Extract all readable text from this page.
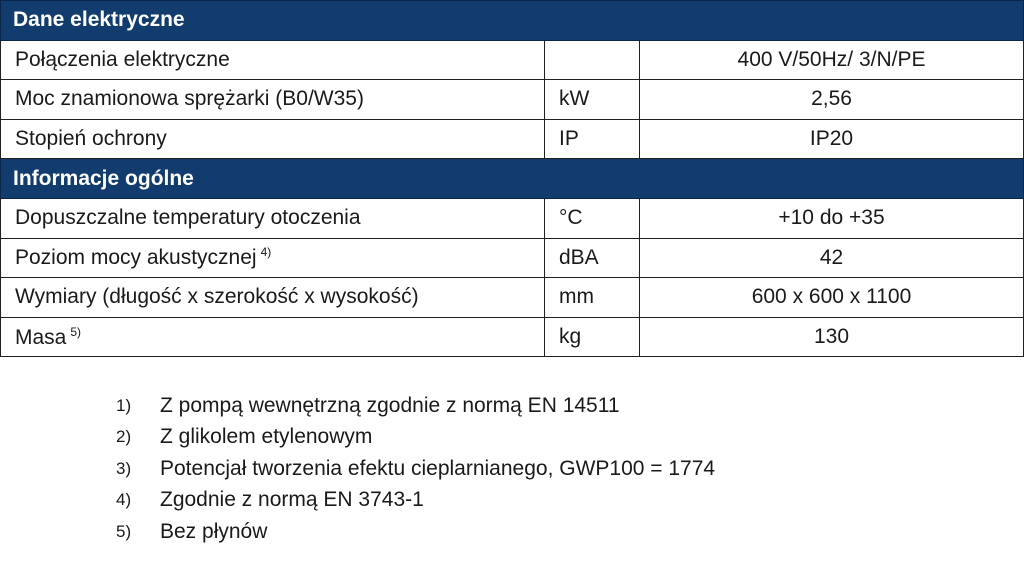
Dane elektryczne		
Połączenia elektryczne		400 V/50Hz/ 3/N/PE
Moc znamionowa sprężarki (B0/W35)	kW	2,56
Stopień ochrony	IP	IP20
Informacje ogólne		
Dopuszczalne temperatury otoczenia	°C	+10 do +35
Poziom mocy akustycznej $^{4)}$	dBA	42
Wymiary (długość x szerokość x wysokość)	mm	600 x 600 x 1100
Masa $^{5)}$	kg	130
1)	Z pompą wewnętrzną zgodnie z normą EN 14511
2)	Z glikolem etylenowym
3)	Potencjał tworzenia efektu cieplarnianego, GWP100 = 1774
4)	Zgodnie z normą EN 3743-1
5)	Bez płynów
